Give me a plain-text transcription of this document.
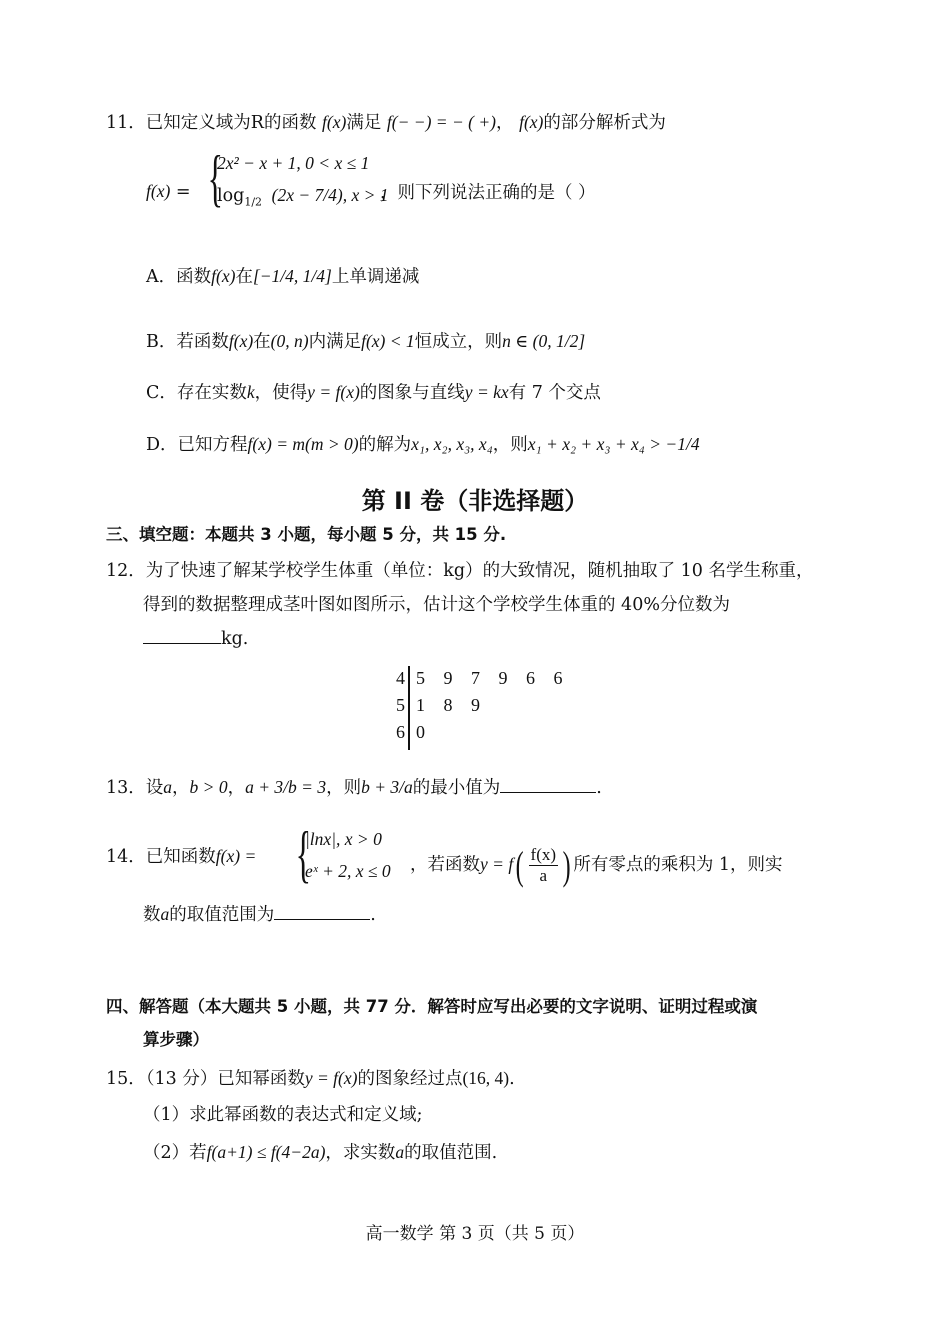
11．已知定义域为R的函数 f(x)满足 f(− −) = − ( +)， f(x)的部分解析式为
f(x) = {
2x² − x + 1, 0 < x ≤ 1
$\log_{1/2} (2x - 7/4)$, x > 1
，则下列说法正确的是（ ）
A．函数f(x)在[−1/4, 1/4]上单调递减
B．若函数f(x)在(0, n)内满足f(x) < 1恒成立，则n ∈ (0, 1/2]
C．存在实数k，使得y = f(x)的图象与直线y = kx有 7 个交点
D．已知方程f(x) = m(m > 0)的解为x₁, x₂, x₃, x₄，则x₁ + x₂ + x₃ + x₄ > −1/4
第 II 卷（非选择题）
三、填空题：本题共 3 小题，每小题 5 分，共 15 分.
12．为了快速了解某学校学生体重（单位：kg）的大致情况，随机抽取了 10 名学生称重，
得到的数据整理成茎叶图如图所示，估计这个学校学生体重的 40%分位数为
kg.
4
5
6
5 9 7 9 6 6
1 8 9
0
13．设a，b > 0，a + 3/b = 3，则b + 3/a的最小值为	.
14．已知函数f(x) = {
|lnx|, x > 0
eˣ + 2, x ≤ 0 ，若函数$y = f( \frac{f(x)}{a}$ ) 所有零点的乘积为 1，则实
数a的取值范围为	.
四、解答题（本大题共 5 小题，共 77 分．解答时应写出必要的文字说明、证明过程或演
算步骤）
15．（13 分）已知幂函数y = f(x)的图象经过点(16, 4).
（1）求此幂函数的表达式和定义域;
（2）若f(a+1) ≤ f(4−2a)，求实数a的取值范围.
高一数学 第 3 页（共 5 页）
